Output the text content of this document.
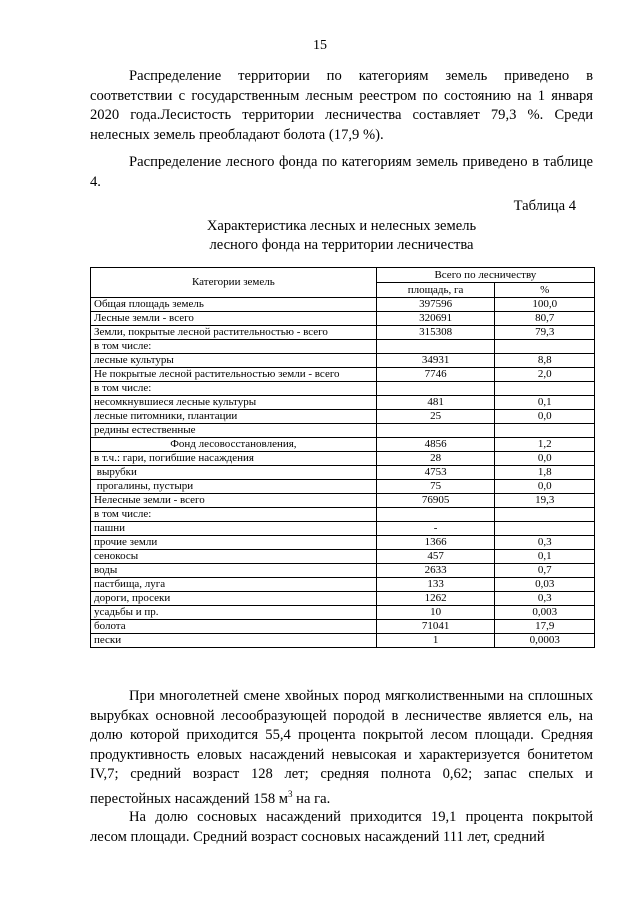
15

Распределение территории по категориям земель приведено в соответствии с государственным лесным реестром по состоянию на 1 января 2020 года.Лесистость территории лесничества составляет 79,3 %. Среди нелесных земель преобладают болота (17,9 %).

Распределение лесного фонда по категориям земель приведено в таблице 4.

Таблица 4
Характеристика лесных и нелесных земель
лесного фонда на территории лесничества
Категории земель	Всего по лесничеству	
	площадь, га	%
Общая площадь земель	397596	100,0
Лесные земли - всего	320691	80,7
Земли, покрытые лесной растительностью - всего	315308	79,3
в том числе:		
лесные культуры	34931	8,8
Не покрытые лесной растительностью земли - всего	7746	2,0
в том числе:		
несомкнувшиеся лесные культуры	481	0,1
лесные питомники, плантации	25	0,0
редины естественные		
Фонд лесовосстановления,	4856	1,2
в т.ч.: гари, погибшие насаждения	28	0,0
вырубки	4753	1,8
прогалины, пустыри	75	0,0
Нелесные земли - всего	76905	19,3
в том числе:		
пашни	-	
прочие земли	1366	0,3
сенокосы	457	0,1
воды	2633	0,7
пастбища, луга	133	0,03
дороги, просеки	1262	0,3
усадьбы и пр.	10	0,003
болота	71041	17,9
пески	1	0,0003

При многолетней смене хвойных пород мягколиственными на сплошных вырубках основной лесообразующей породой в лесничестве является ель, на долю которой приходится 55,4 процента покрытой лесом площади. Средняя продуктивность еловых насаждений невысокая и характеризуется бонитетом IV,7; средний возраст 128 лет; средняя полнота 0,62; запас спелых и перестойных насаждений 158 $м^3$ на га.

На долю сосновых насаждений приходится 19,1 процента покрытой лесом площади. Средний возраст сосновых насаждений 111 лет, средний
